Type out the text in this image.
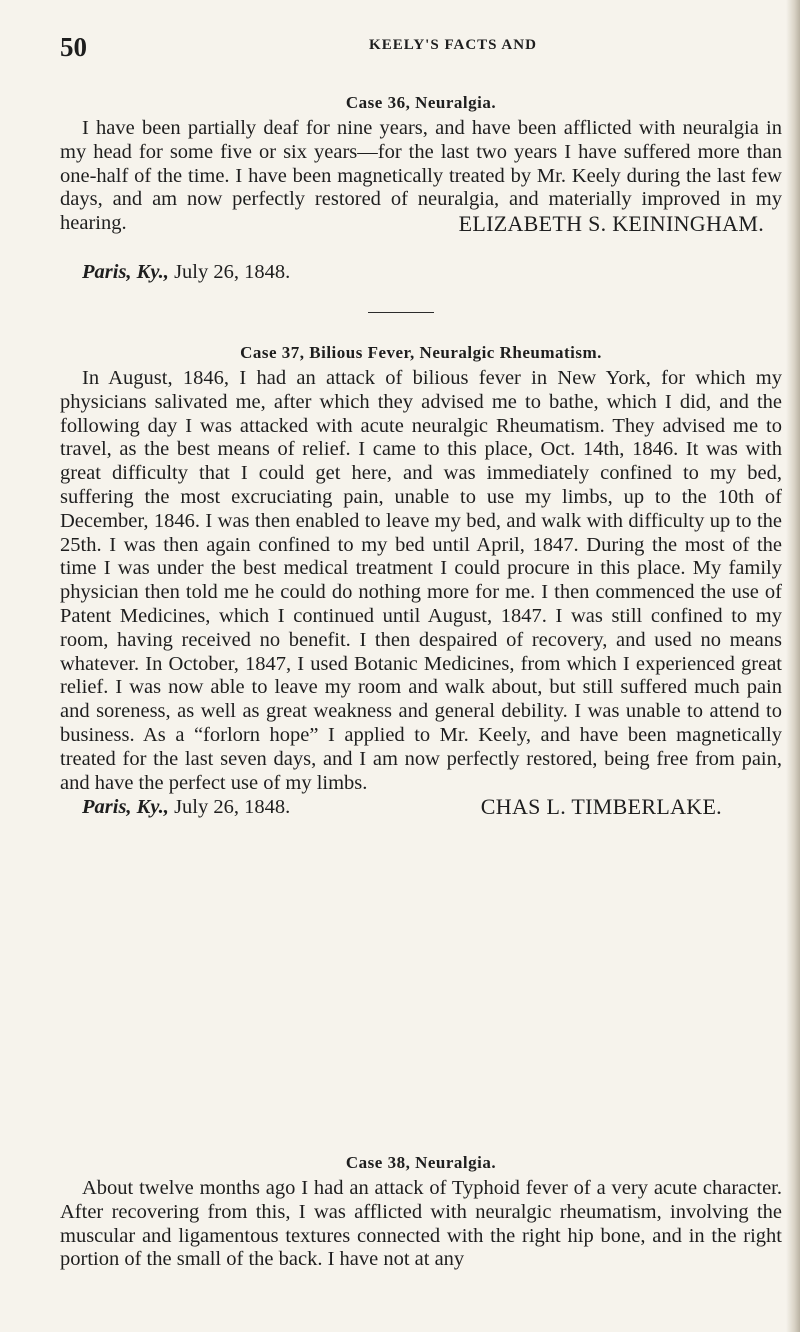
50	KEELY'S FACTS AND
Case 36, Neuralgia.

I have been partially deaf for nine years, and have been afflicted with neuralgia in my head for some five or six years—for the last two years I have suffered more than one-half of the time. I have been magnetically treated by Mr. Keely during the last few days, and am now perfectly restored of neuralgia, and materially improved in my hearing.	ELIZABETH S. KEININGHAM.
Paris, Ky., July 26, 1848.
Case 37, Bilious Fever, Neuralgic Rheumatism.

In August, 1846, I had an attack of bilious fever in New York, for which my physicians salivated me, after which they advised me to bathe, which I did, and the following day I was attacked with acute neuralgic Rheumatism. They advised me to travel, as the best means of relief. I came to this place, Oct. 14th, 1846. It was with great difficulty that I could get here, and was immediately confined to my bed, suffering the most excruciating pain, unable to use my limbs, up to the 10th of December, 1846. I was then enabled to leave my bed, and walk with difficulty up to the 25th. I was then again confined to my bed until April, 1847. During the most of the time I was under the best medical treatment I could procure in this place. My family physician then told me he could do nothing more for me. I then commenced the use of Patent Medicines, which I continued until August, 1847. I was still confined to my room, having received no benefit. I then despaired of recovery, and used no means whatever. In October, 1847, I used Botanic Medicines, from which I experienced great relief. I was now able to leave my room and walk about, but still suffered much pain and soreness, as well as great weakness and general debility. I was unable to attend to business. As a “forlorn hope” I applied to Mr. Keely, and have been magnetically treated for the last seven days, and I am now perfectly restored, being free from pain, and have the perfect use of my limbs.

Paris, Ky., July 26, 1848.	CHAS L. TIMBERLAKE.
Case 38, Neuralgia.

About twelve months ago I had an attack of Typhoid fever of a very acute character. After recovering from this, I was afflicted with neuralgic rheumatism, involving the muscular and ligamentous textures connected with the right hip bone, and in the right portion of the small of the back. I have not at any
